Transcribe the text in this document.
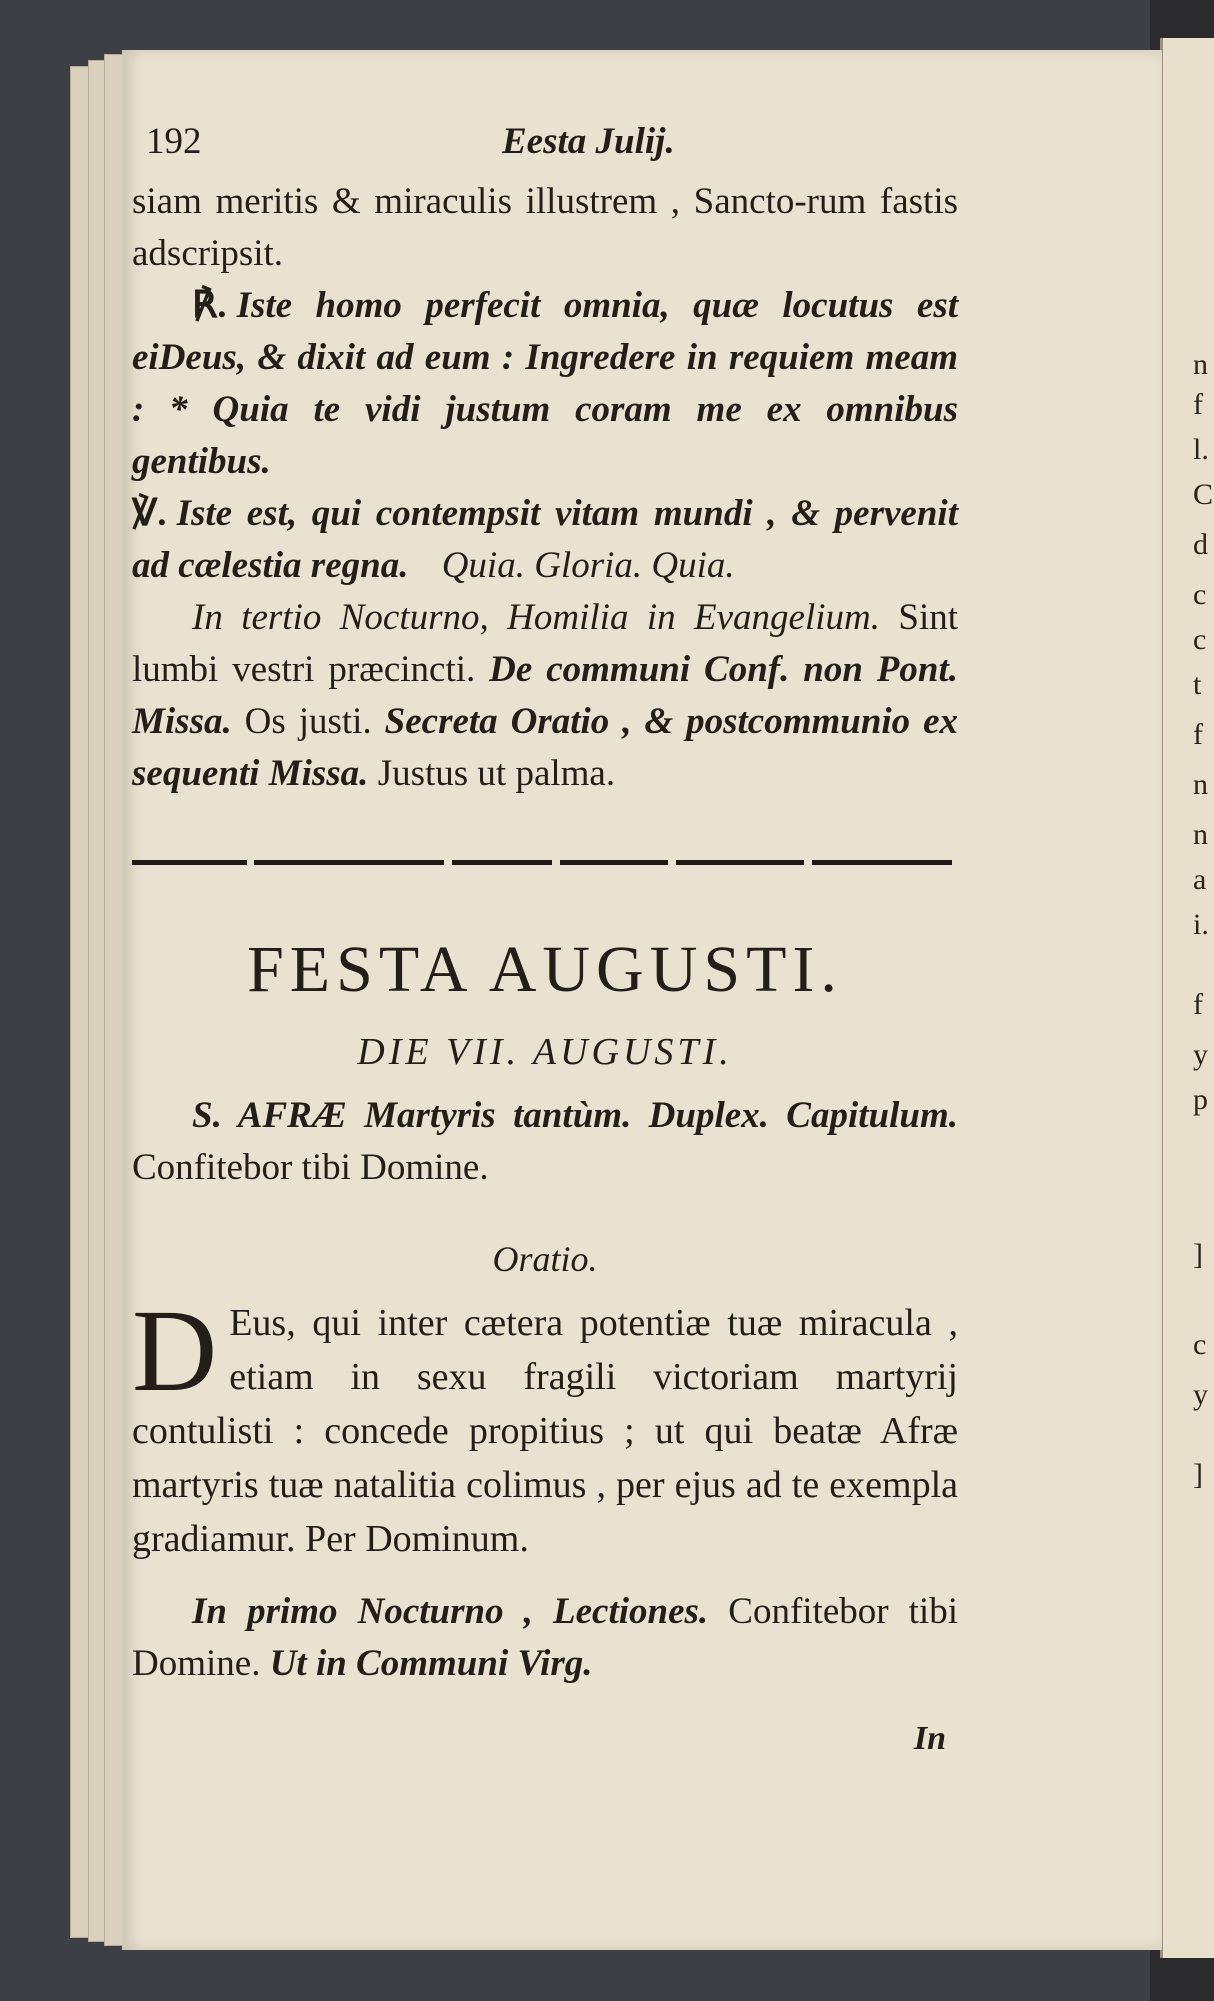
n
f
l.
C
d
c
c
t
f
n
n
a
i.
f
y
p
]
c
y
]
192	Eesta Julij.

siam meritis & miraculis illustrem , Sancto-rum fastis adscripsit.

℟. Iste homo perfecit omnia, quæ locutus est eiDeus, & dixit ad eum : Ingredere in requiem meam : * Quia te vidi justum coram me ex omnibus gentibus.

℣. Iste est, qui contempsit vitam mundi , & pervenit ad cælestia regna. Quia. Gloria. Quia.

In tertio Nocturno, Homilia in Evangelium. Sint lumbi vestri præcincti. De communi Conf. non Pont. Missa. Os justi. Secreta Oratio , & postcommunio ex sequenti Missa. Justus ut palma.

FESTA AUGUSTI.

DIE VII. AUGUSTI.

S. AFRÆ Martyris tantùm. Duplex. Capitulum. Confitebor tibi Domine.

Oratio.

D Eus, qui inter cætera potentiæ tuæ miracula , etiam in sexu fragili victoriam martyrij contulisti : concede propitius ; ut qui beatæ Afræ martyris tuæ natalitia colimus , per ejus ad te exempla gradiamur. Per Dominum.

In primo Nocturno , Lectiones. Confitebor tibi Domine. Ut in Communi Virg.

In
